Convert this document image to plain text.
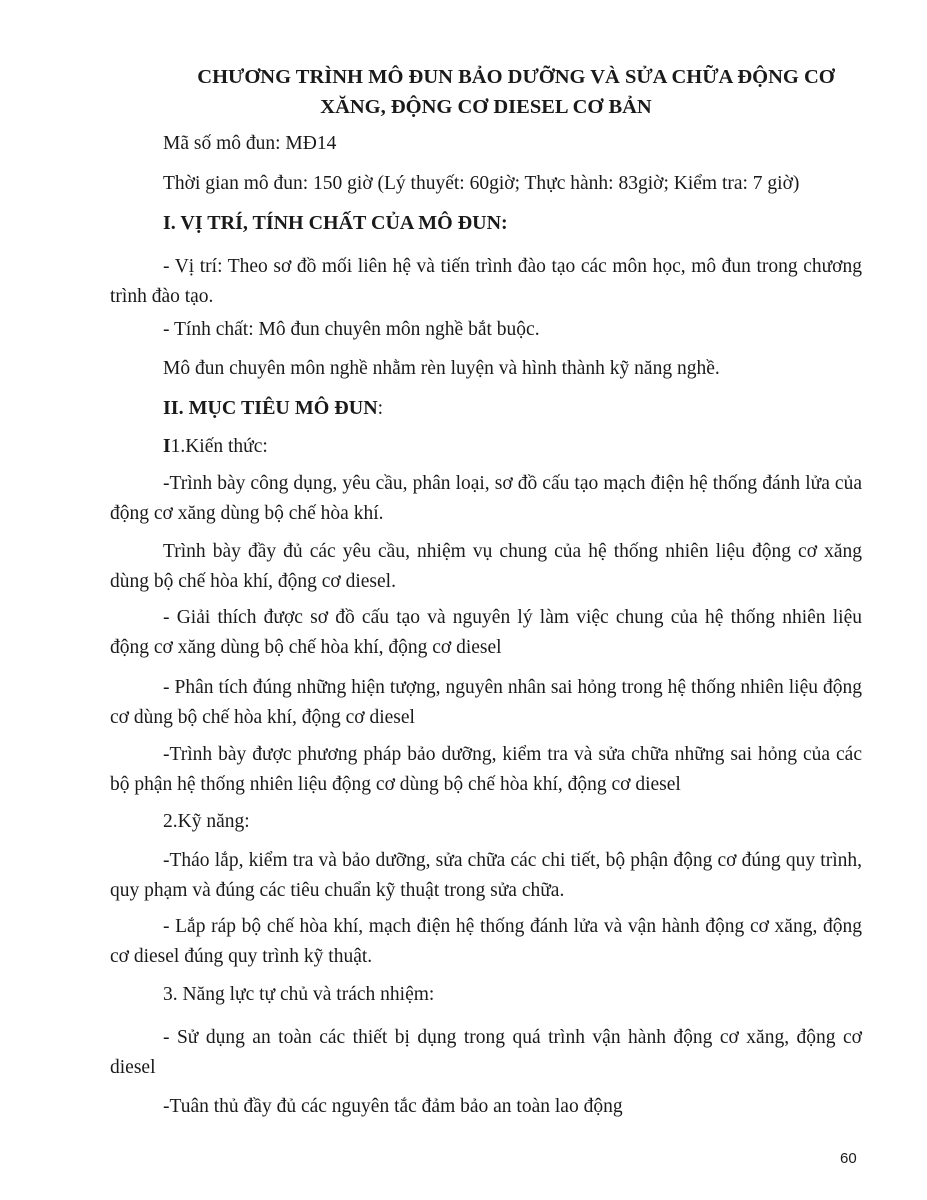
CHƯƠNG TRÌNH MÔ ĐUN BẢO DƯỠNG VÀ SỬA CHỮA ĐỘNG CƠ
XĂNG, ĐỘNG CƠ DIESEL CƠ BẢN
Mã số mô đun: MĐ14
Thời gian mô đun: 150 giờ (Lý thuyết: 60giờ; Thực hành: 83giờ; Kiểm tra: 7 giờ)
I. VỊ TRÍ, TÍNH CHẤT CỦA MÔ ĐUN:
- Vị trí: Theo sơ đồ mối liên hệ và tiến trình đào tạo các môn học, mô đun trong chương trình đào tạo.
- Tính chất: Mô đun chuyên môn nghề bắt buộc.
Mô đun chuyên môn nghề nhằm rèn luyện và hình thành kỹ năng nghề.
II. MỤC TIÊU MÔ ĐUN:
I1.Kiến thức:
-Trình bày công dụng, yêu cầu, phân loại, sơ đồ cấu tạo mạch điện hệ thống đánh lửa của động cơ xăng dùng bộ chế hòa khí.
Trình bày đầy đủ các yêu cầu, nhiệm vụ chung của hệ thống nhiên liệu động cơ xăng dùng bộ chế hòa khí, động cơ diesel.
- Giải thích được sơ đồ cấu tạo và nguyên lý làm việc chung của hệ thống nhiên liệu động cơ xăng dùng bộ chế hòa khí, động cơ diesel
- Phân tích đúng những hiện tượng, nguyên nhân sai hỏng trong hệ thống nhiên liệu động cơ dùng bộ chế hòa khí, động cơ diesel
-Trình bày được phương pháp bảo dưỡng, kiểm tra và sửa chữa những sai hỏng của các bộ phận hệ thống nhiên liệu động cơ dùng bộ chế hòa khí, động cơ diesel
2.Kỹ năng:
-Tháo lắp, kiểm tra và bảo dưỡng, sửa chữa các chi tiết, bộ phận động cơ đúng quy trình, quy phạm và đúng các tiêu chuẩn kỹ thuật trong sửa chữa.
- Lắp ráp bộ chế hòa khí, mạch điện hệ thống đánh lửa và vận hành động cơ xăng, động cơ diesel đúng quy trình kỹ thuật.
3. Năng lực tự chủ và trách nhiệm:
- Sử dụng an toàn các thiết bị dụng trong quá trình vận hành động cơ xăng, động cơ diesel
-Tuân thủ đầy đủ các nguyên tắc đảm bảo an toàn lao động
60
